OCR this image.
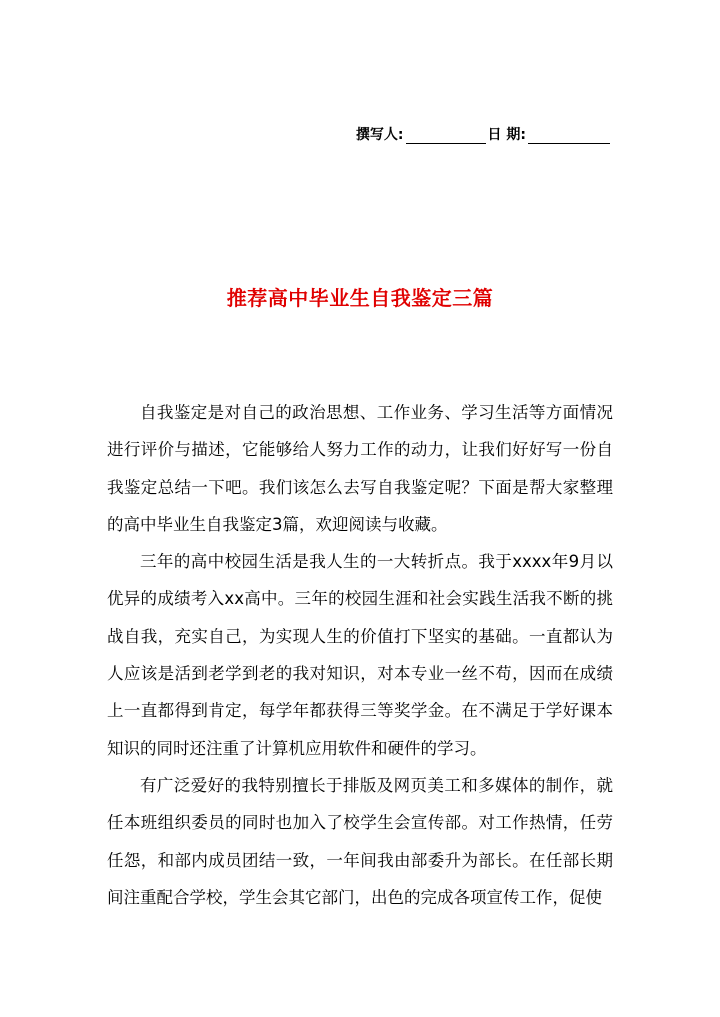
撰写人:	日 期:
推荐高中毕业生自我鉴定三篇

自我鉴定是对自己的政治思想、工作业务、学习生活等方面情况进行评价与描述，它能够给人努力工作的动力，让我们好好写一份自我鉴定总结一下吧。我们该怎么去写自我鉴定呢？下面是帮大家整理的高中毕业生自我鉴定3篇，欢迎阅读与收藏。

三年的高中校园生活是我人生的一大转折点。我于xxxx年9月以优异的成绩考入xx高中。三年的校园生涯和社会实践生活我不断的挑战自我，充实自己，为实现人生的价值打下坚实的基础。一直都认为人应该是活到老学到老的我对知识，对本专业一丝不苟，因而在成绩上一直都得到肯定，每学年都获得三等奖学金。在不满足于学好课本知识的同时还注重了计算机应用软件和硬件的学习。

有广泛爱好的我特别擅长于排版及网页美工和多媒体的制作，就任本班组织委员的同时也加入了校学生会宣传部。对工作热情，任劳任怨，和部内成员团结一致，一年间我由部委升为部长。在任部长期间注重配合学校，学生会其它部门，出色的完成各项宣传工作，促使
